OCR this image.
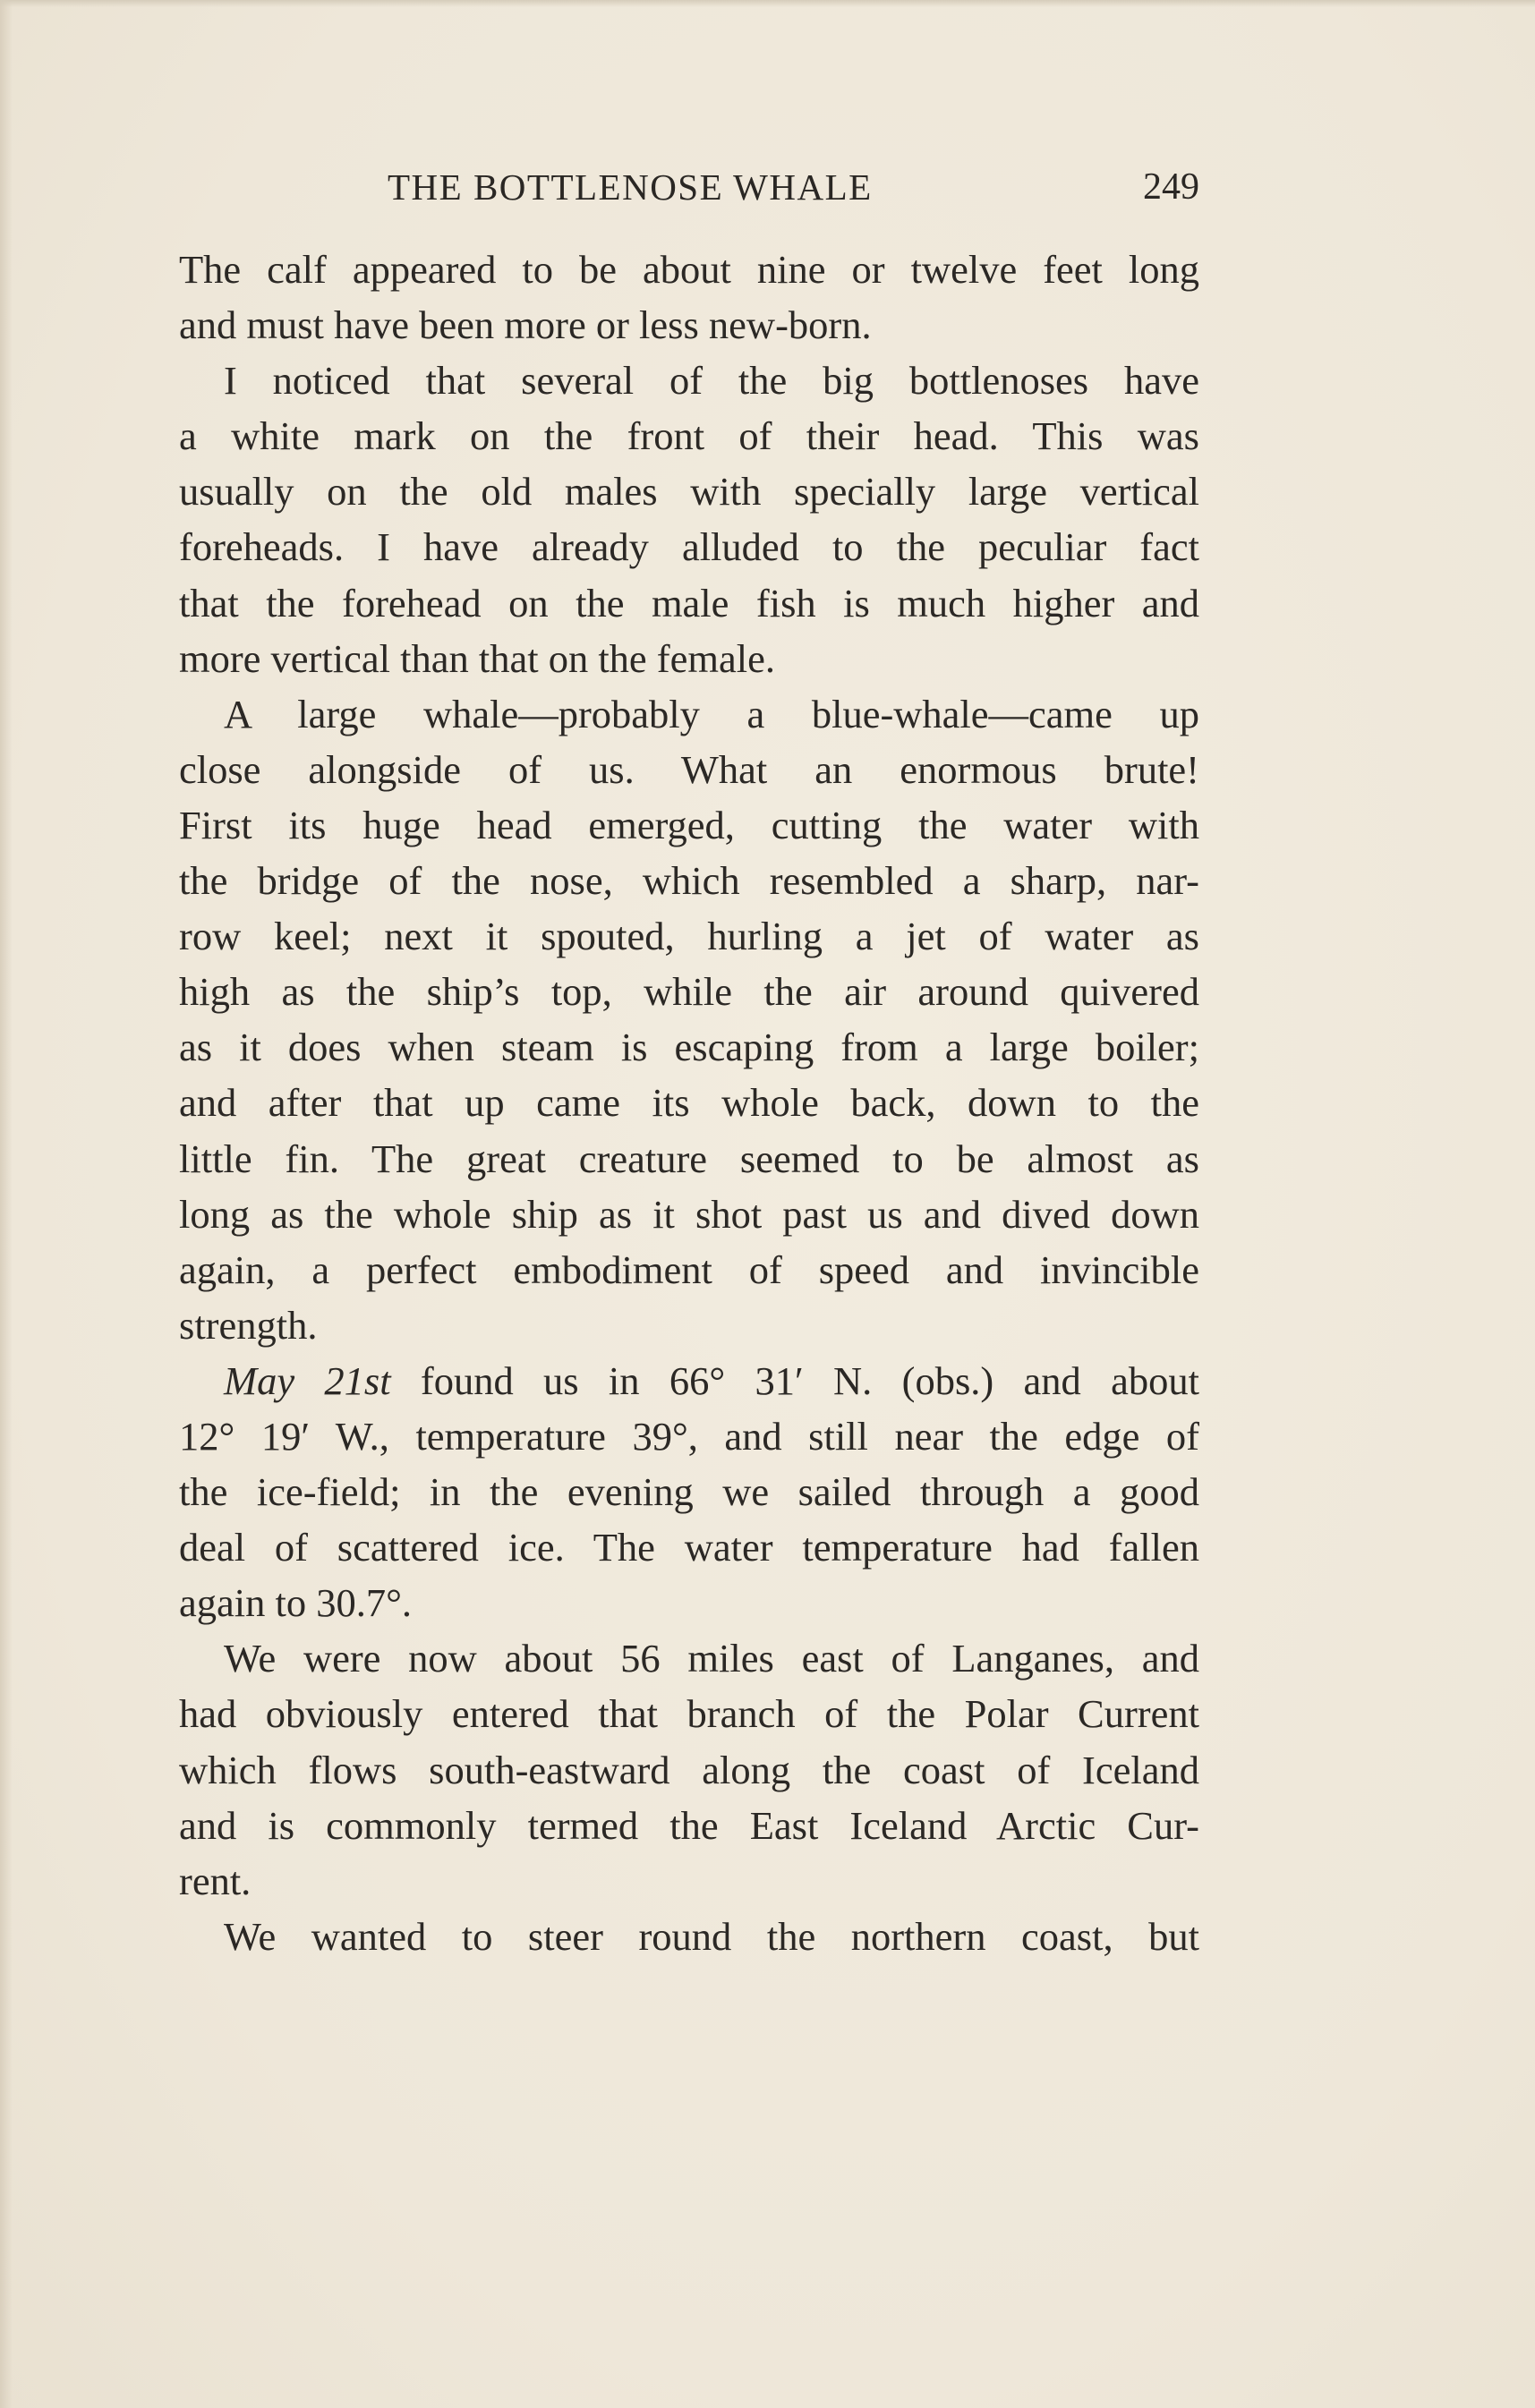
THE BOTTLENOSE WHALE	249
The calf appeared to be about nine or twelve feet long
and must have been more or less new-born.
I noticed that several of the big bottlenoses have
a white mark on the front of their head. This was
usually on the old males with specially large vertical
foreheads. I have already alluded to the peculiar fact
that the forehead on the male fish is much higher and
more vertical than that on the female.
A large whale—probably a blue-whale—came up
close alongside of us. What an enormous brute!
First its huge head emerged, cutting the water with
the bridge of the nose, which resembled a sharp, nar-
row keel; next it spouted, hurling a jet of water as
high as the ship’s top, while the air around quivered
as it does when steam is escaping from a large boiler;
and after that up came its whole back, down to the
little fin. The great creature seemed to be almost as
long as the whole ship as it shot past us and dived down
again, a perfect embodiment of speed and invincible
strength.
May 21st found us in 66° 31′ N. (obs.) and about
12° 19′ W., temperature 39°, and still near the edge of
the ice-field; in the evening we sailed through a good
deal of scattered ice. The water temperature had fallen
again to 30.7°.
We were now about 56 miles east of Langanes, and
had obviously entered that branch of the Polar Current
which flows south-eastward along the coast of Iceland
and is commonly termed the East Iceland Arctic Cur-
rent.
We wanted to steer round the northern coast, but
